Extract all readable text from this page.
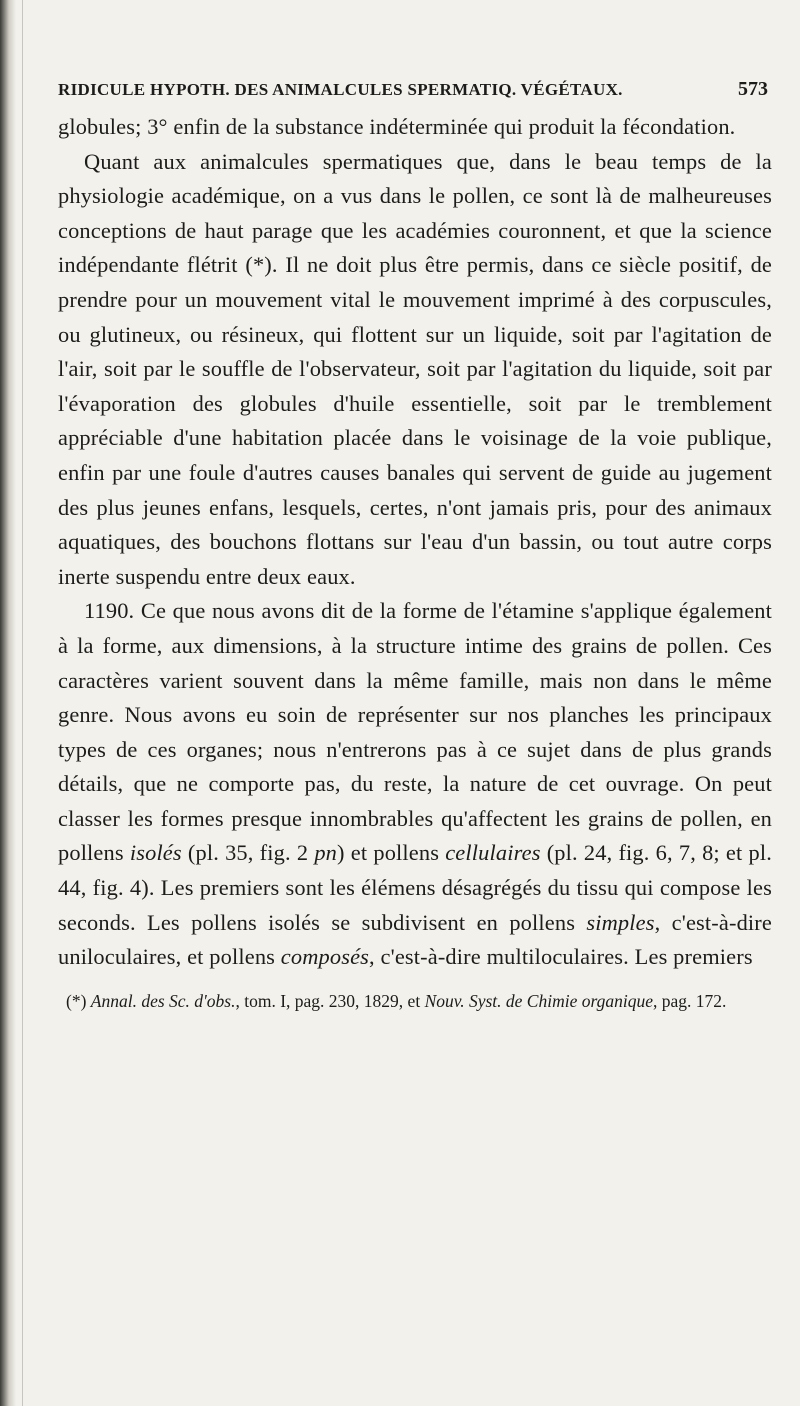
RIDICULE HYPOTH. DES ANIMALCULES SPERMATIQ. VÉGÉTAUX.	573

globules; 3° enfin de la substance indéterminée qui produit la fécondation.

Quant aux animalcules spermatiques que, dans le beau temps de la physiologie académique, on a vus dans le pollen, ce sont là de malheureuses conceptions de haut parage que les académies couronnent, et que la science indépendante flétrit (*). Il ne doit plus être permis, dans ce siècle positif, de prendre pour un mouvement vital le mouvement imprimé à des corpuscules, ou glutineux, ou résineux, qui flottent sur un liquide, soit par l'agitation de l'air, soit par le souffle de l'observateur, soit par l'agitation du liquide, soit par l'évaporation des globules d'huile essentielle, soit par le tremblement appréciable d'une habitation placée dans le voisinage de la voie publique, enfin par une foule d'autres causes banales qui servent de guide au jugement des plus jeunes enfans, lesquels, certes, n'ont jamais pris, pour des animaux aquatiques, des bouchons flottans sur l'eau d'un bassin, ou tout autre corps inerte suspendu entre deux eaux.

1190. Ce que nous avons dit de la forme de l'étamine s'applique également à la forme, aux dimensions, à la structure intime des grains de pollen. Ces caractères varient souvent dans la même famille, mais non dans le même genre. Nous avons eu soin de représenter sur nos planches les principaux types de ces organes; nous n'entrerons pas à ce sujet dans de plus grands détails, que ne comporte pas, du reste, la nature de cet ouvrage. On peut classer les formes presque innombrables qu'affectent les grains de pollen, en pollens isolés (pl. 35, fig. 2 pn) et pollens cellulaires (pl. 24, fig. 6, 7, 8; et pl. 44, fig. 4). Les premiers sont les élémens désagrégés du tissu qui compose les seconds. Les pollens isolés se subdivisent en pollens simples, c'est-à-dire uniloculaires, et pollens composés, c'est-à-dire multiloculaires. Les premiers

(*) Annal. des Sc. d'obs., tom. I, pag. 230, 1829, et Nouv. Syst. de Chimie organique, pag. 172.
